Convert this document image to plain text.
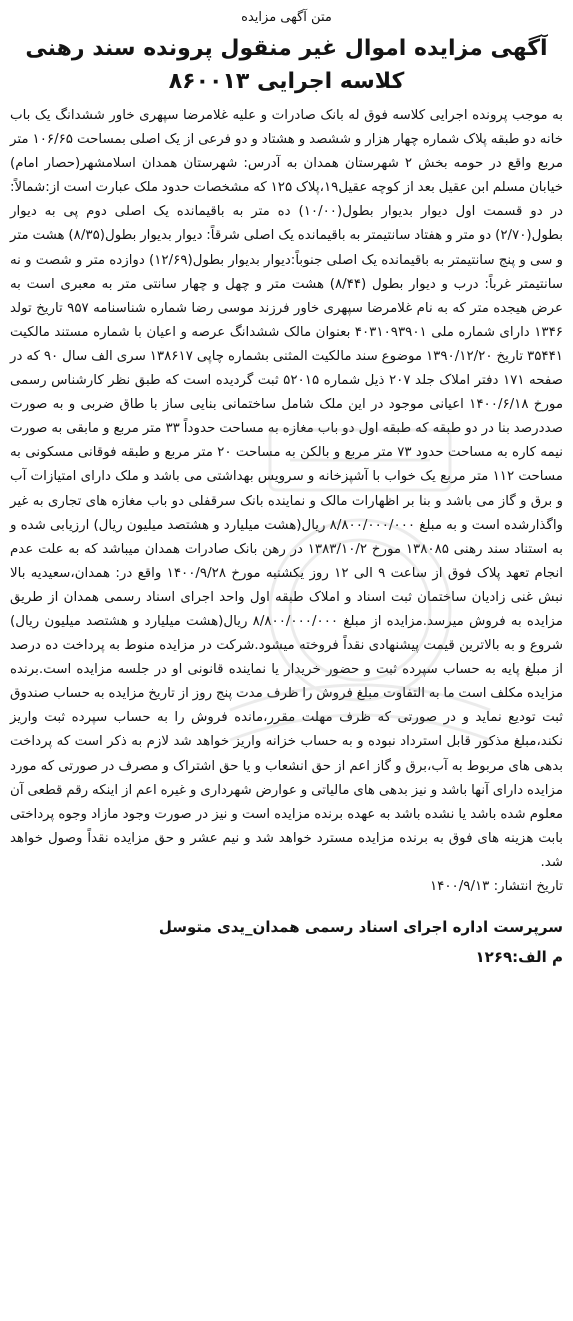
متن آگهی مزایده
آگهی مزایده اموال غیر منقول پرونده سند رهنی کلاسه اجرایی ۸۶۰۰۱۳

به موجب پرونده اجرایی کلاسه فوق له بانک صادرات و علیه غلامرضا سپهری خاور ششدانگ یک باب خانه دو طبقه پلاک شماره چهار هزار و ششصد و هشتاد و دو فرعی از یک اصلی بمساحت ۱۰۶/۶۵ متر مربع واقع در حومه بخش ۲ شهرستان همدان به آدرس: شهرستان همدان اسلامشهر(حصار امام) خیابان مسلم ابن عقیل بعد از کوچه عقیل۱۹،پلاک ۱۲۵ که مشخصات حدود ملک عبارت است از:شمالاً: در دو قسمت اول دیوار بدیوار بطول(۱۰/۰۰) ده متر به باقیمانده یک اصلی دوم پی به دیوار بطول(۲/۷۰) دو متر و هفتاد سانتیمتر به باقیمانده یک اصلی شرقاً: دیوار بدیوار بطول(۸/۳۵) هشت متر و سی و پنج سانتیمتر به باقیمانده یک اصلی جنوباً:دیوار بدیوار بطول(۱۲/۶۹) دوازده متر و شصت و نه سانتیمتر غرباً: درب و دیوار بطول (۸/۴۴) هشت متر و چهل و چهار سانتی متر به معبری است به عرض هیجده متر که به نام غلامرضا سپهری خاور فرزند موسی رضا شماره شناسنامه ۹۵۷ تاریخ تولد ۱۳۴۶ دارای شماره ملی ۴۰۳۱۰۹۳۹۰۱ بعنوان مالک ششدانگ عرصه و اعیان با شماره مستند مالکیت ۳۵۴۴۱ تاریخ ۱۳۹۰/۱۲/۲۰ موضوع سند مالکیت المثنی بشماره چاپی ۱۳۸۶۱۷ سری الف سال ۹۰ که در صفحه ۱۷۱ دفتر املاک جلد ۲۰۷ ذیل شماره ۵۲۰۱۵ ثبت گردیده است که طبق نظر کارشناس رسمی مورخ ۱۴۰۰/۶/۱۸ اعیانی موجود در این ملک شامل ساختمانی بنایی ساز با طاق ضربی و به صورت صددرصد بنا در دو طبقه که طبقه اول دو باب مغازه به مساحت حدوداً ۳۳ متر مربع و مابقی به صورت نیمه کاره به مساحت حدود ۷۳ متر مربع و بالکن به مساحت ۲۰ متر مربع و طبقه فوقانی مسکونی به مساحت ۱۱۲ متر مربع یک خواب با آشپزخانه و سرویس بهداشتی می باشد و ملک دارای امتیازات آب و برق و گاز می باشد و بنا بر اظهارات مالک و نماینده بانک سرقفلی دو باب مغازه های تجاری به غیر واگذارشده است و به مبلغ ۸/۸۰۰/۰۰۰/۰۰۰ ریال(هشت میلیارد و هشتصد میلیون ریال) ارزیابی شده و به استناد سند رهنی ۱۳۸۰۸۵ مورخ ۱۳۸۳/۱۰/۲ در رهن بانک صادرات همدان میباشد که به علت عدم انجام تعهد پلاک فوق از ساعت ۹ الی ۱۲ روز یکشنبه مورخ ۱۴۰۰/۹/۲۸ واقع در: همدان،سعیدیه بالا نبش غنی زادیان ساختمان ثبت اسناد و املاک طبقه اول واحد اجرای اسناد رسمی همدان از طریق مزایده به فروش میرسد.مزایده از مبلغ ۸/۸۰۰/۰۰۰/۰۰۰ ریال(هشت میلیارد و هشتصد میلیون ریال) شروع و به بالاترین قیمت پیشنهادی نقداً فروخته میشود.شرکت در مزایده منوط به پرداخت ده درصد از مبلغ پایه به حساب سپرده ثبت و حضور خریدار یا نماینده قانونی او در جلسه مزایده است.برنده مزایده مکلف است ما به التفاوت مبلغ فروش را ظرف مدت پنج روز از تاریخ مزایده به حساب صندوق ثبت تودیع نماید و در صورتی که ظرف مهلت مقرر،مانده فروش را به حساب سپرده ثبت واریز نکند،مبلغ مذکور قابل استرداد نبوده و به حساب خزانه واریز خواهد شد لازم به ذکر است که پرداخت بدهی های مربوط به آب،برق و گاز اعم از حق انشعاب و یا حق اشتراک و مصرف در صورتی که مورد مزایده دارای آنها باشد و نیز بدهی های مالیاتی و عوارض شهرداری و غیره اعم از اینکه رقم قطعی آن معلوم شده باشد یا نشده باشد به عهده برنده مزایده است و نیز در صورت وجود مازاد وجوه پرداختی بابت هزینه های فوق به برنده مزایده مسترد خواهد شد و نیم عشر و حق مزایده نقداً وصول خواهد شد.

تاریخ انتشار: ۱۴۰۰/۹/۱۳

سرپرست اداره اجرای اسناد رسمی همدان_یدی متوسل

م الف:۱۲۶۹
